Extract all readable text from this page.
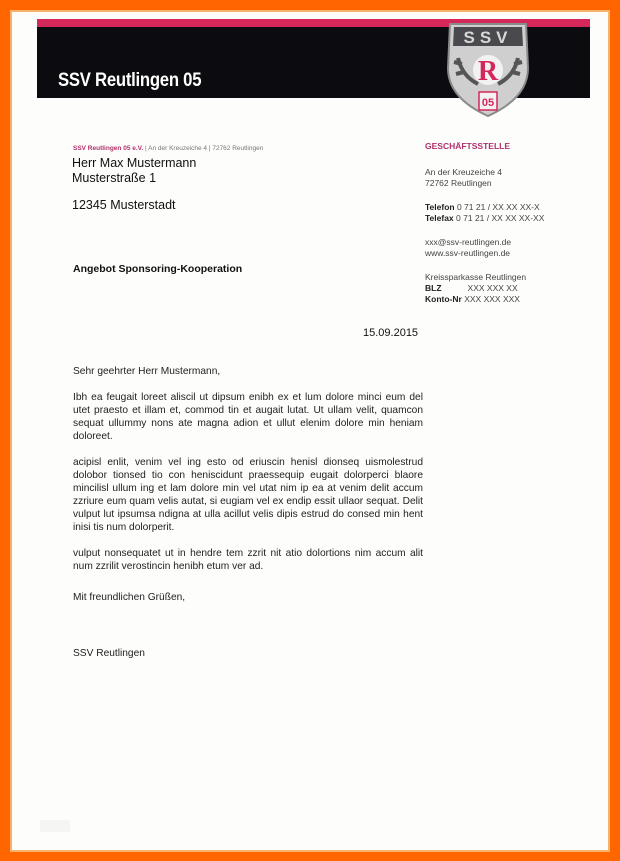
SSV Reutlingen 05
SSV
R
05
SSV Reutlingen 05 e.V. | An der Kreuzeiche 4 | 72762 Reutlingen
Herr Max Mustermann
Musterstraße 1
12345 Musterstadt
GESCHÄFTSSTELLE
An der Kreuzeiche 4
72762 Reutlingen
Telefon 0 71 21 / XX XX XX-X
Telefax 0 71 21 / XX XX XX-XX
xxx@ssv-reutlingen.de
www.ssv-reutlingen.de
Kreissparkasse Reutlingen
BLZ	XXX XXX XX
Konto-Nr XXX XXX XXX
Angebot Sponsoring-Kooperation
15.09.2015

Sehr geehrter Herr Mustermann,

Ibh ea feugait loreet aliscil ut dipsum enibh ex et lum dolore minci eum del utet praesto et illam et, commod tin et augait lutat. Ut ullam velit, quamcon sequat ullummy nons ate magna adion et ullut elenim dolore min heniam doloreet.

acipisl enlit, venim vel ing esto od eriuscin henisl dionseq uismolestrud dolobor tionsed tio con heniscidunt praessequip eugait dolorperci blaore mincilisl ullum ing et lam dolore min vel utat nim ip ea at venim delit accum zzriure eum quam velis autat, si eugiam vel ex endip essit ullaor sequat. Delit vulput lut ipsumsa ndigna at ulla acillut velis dipis estrud do consed min hent inisi tis num dolorperit.

vulput nonsequatet ut in hendre tem zzrit nit atio dolortions nim accum alit num zzrilit verostincin henibh etum ver ad.

Mit freundlichen Grüßen,
SSV Reutlingen
